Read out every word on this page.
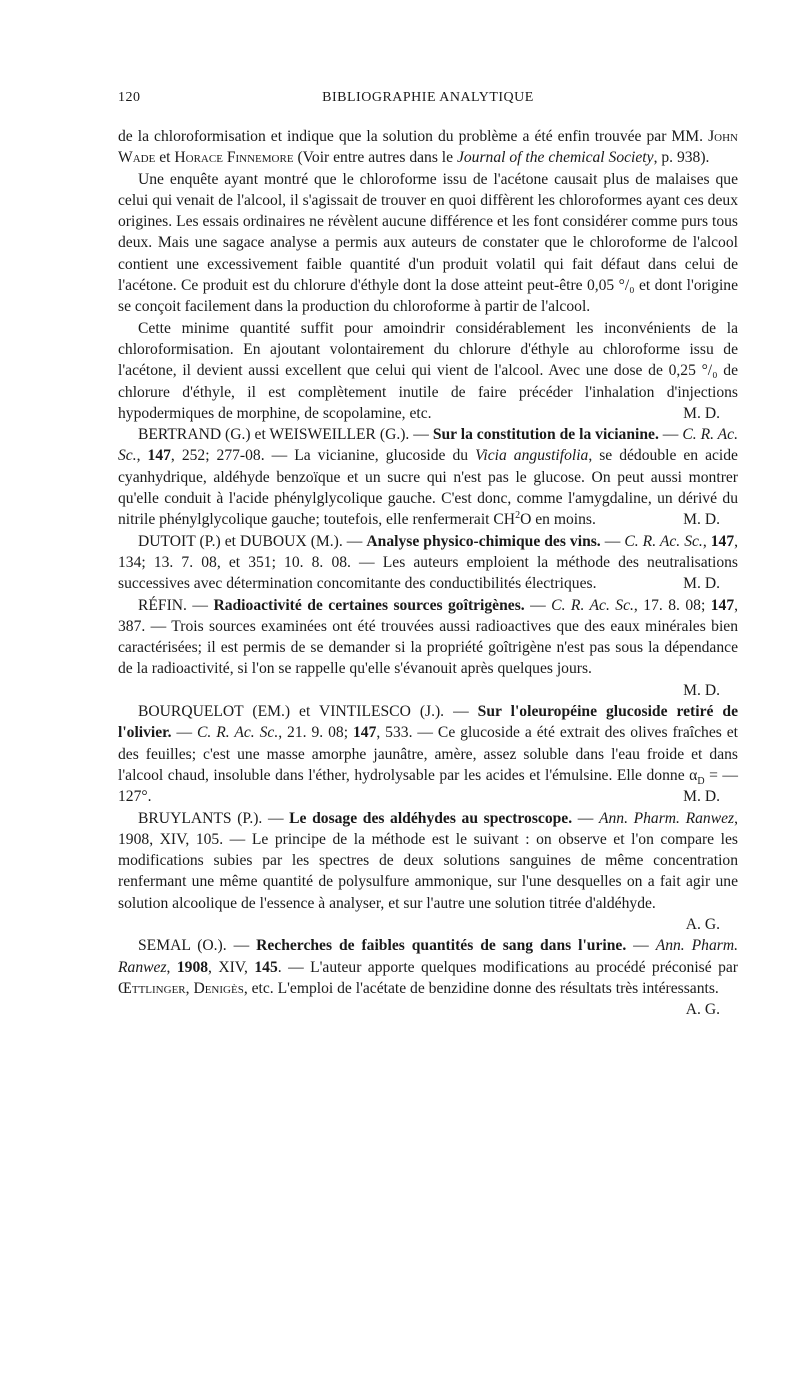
120	BIBLIOGRAPHIE ANALYTIQUE

de la chloroformisation et indique que la solution du problème a été enfin trouvée par MM. John Wade et Horace Finnemore (Voir entre autres dans le Journal of the chemical Society, p. 938).

Une enquête ayant montré que le chloroforme issu de l'acétone causait plus de malaises que celui qui venait de l'alcool, il s'agissait de trouver en quoi diffèrent les chloroformes ayant ces deux origines. Les essais ordinaires ne révèlent aucune différence et les font considérer comme purs tous deux. Mais une sagace analyse a permis aux auteurs de constater que le chloroforme de l'alcool contient une excessivement faible quantité d'un produit volatil qui fait défaut dans celui de l'acétone. Ce produit est du chlorure d'éthyle dont la dose atteint peut-être 0,05 °/₀ et dont l'origine se conçoit facilement dans la production du chloroforme à partir de l'alcool.

Cette minime quantité suffit pour amoindrir considérablement les inconvénients de la chloroformisation. En ajoutant volontairement du chlorure d'éthyle au chloroforme issu de l'acétone, il devient aussi excellent que celui qui vient de l'alcool. Avec une dose de 0,25 °/₀ de chlorure d'éthyle, il est complètement inutile de faire précéder l'inhalation d'injections hypodermiques de morphine, de scopolamine, etc.	M. D.

BERTRAND (G.) et WEISWEILLER (G.). — Sur la constitution de la vicianine. — C. R. Ac. Sc., 147, 252; 277-08. — La vicianine, glucoside du Vicia angustifolia, se dédouble en acide cyanhydrique, aldéhyde benzoïque et un sucre qui n'est pas le glucose. On peut aussi montrer qu'elle conduit à l'acide phénylglycolique gauche. C'est donc, comme l'amygdaline, un dérivé du nitrile phénylglycolique gauche; toutefois, elle renfermerait $CH^2O$ en moins.	M. D.

DUTOIT (P.) et DUBOUX (M.). — Analyse physico-chimique des vins. — C. R. Ac. Sc., 147, 134; 13. 7. 08, et 351; 10. 8. 08. — Les auteurs emploient la méthode des neutralisations successives avec détermination concomitante des conductibilités électriques.	M. D.

RÉFIN. — Radioactivité de certaines sources goîtrigènes. — C. R. Ac. Sc., 17. 8. 08; 147, 387. — Trois sources examinées ont été trouvées aussi radioactives que des eaux minérales bien caractérisées; il est permis de se demander si la propriété goîtrigène n'est pas sous la dépendance de la radioactivité, si l'on se rappelle qu'elle s'évanouit après quelques jours.
M. D.

BOURQUELOT (EM.) et VINTILESCO (J.). — Sur l'oleuropéine glucoside retiré de l'olivier. — C. R. Ac. Sc., 21. 9. 08; 147, 533. — Ce glucoside a été extrait des olives fraîches et des feuilles; c'est une masse amorphe jaunâtre, amère, assez soluble dans l'eau froide et dans l'alcool chaud, insoluble dans l'éther, hydrolysable par les acides et l'émulsine. Elle donne $\alpha_D$ = — 127°.	M. D.

BRUYLANTS (P.). — Le dosage des aldéhydes au spectroscope. — Ann. Pharm. Ranwez, 1908, XIV, 105. — Le principe de la méthode est le suivant : on observe et l'on compare les modifications subies par les spectres de deux solutions sanguines de même concentration renfermant une même quantité de polysulfure ammonique, sur l'une desquelles on a fait agir une solution alcoolique de l'essence à analyser, et sur l'autre une solution titrée d'aldéhyde.
A. G.

SEMAL (O.). — Recherches de faibles quantités de sang dans l'urine. — Ann. Pharm. Ranwez, 1908, XIV, 145. — L'auteur apporte quelques modifications au procédé préconisé par Œttlinger, Denigès, etc. L'emploi de l'acétate de benzidine donne des résultats très intéressants.
A. G.
